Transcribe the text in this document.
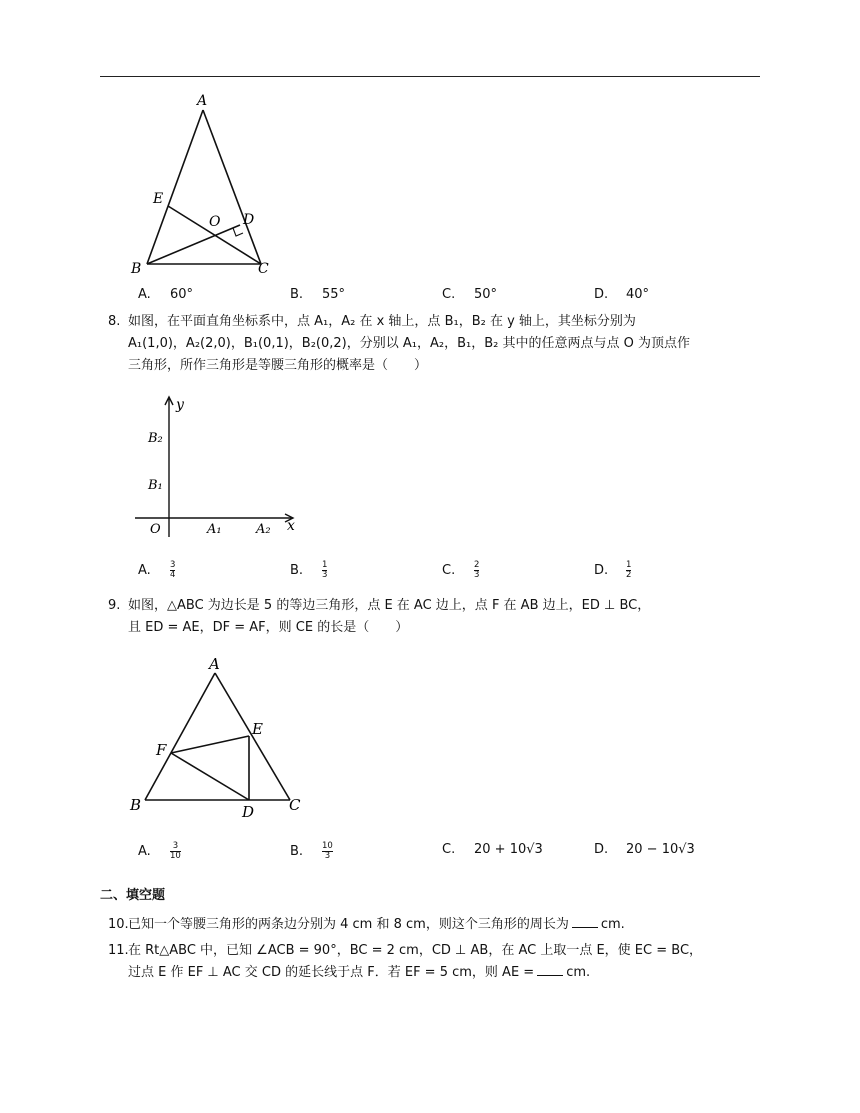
A
E
O D
B	C
A.	60°	B.	55°	C.	50°	D.	40°
8. 如图，在平面直角坐标系中，点 A₁，A₂ 在 x 轴上，点 B₁，B₂ 在 y 轴上，其坐标分别为
A₁(1,0)，A₂(2,0)，B₁(0,1)，B₂(0,2)，分别以 A₁，A₂，B₁，B₂ 其中的任意两点与点 O 为顶点作
三角形，所作三角形是等腰三角形的概率是（　　）
y
B₂
B₁
O	A₁	A₂ x
A.	$\frac{3}{4}$	B.	$\frac{1}{3}$	C.	$\frac{2}{3}$	D.	$\frac{1}{2}$
9. 如图，△ABC 为边长是 5 的等边三角形，点 E 在 AC 边上，点 F 在 AB 边上，ED ⊥ BC，
且 ED = AE，DF = AF，则 CE 的长是（　　）
A
E
F
B	D C
A.	$\frac{3}{10}$	B.	$\frac{10}{3}$	C.	20 + 10√3	D.	20 − 10√3
二、填空题
10.已知一个等腰三角形的两条边分别为 4 cm 和 8 cm，则这个三角形的周长为 cm.
11.在 Rt△ABC 中，已知 ∠ACB = 90°，BC = 2 cm，CD ⊥ AB，在 AC 上取一点 E，使 EC = BC，
过点 E 作 EF ⊥ AC 交 CD 的延长线于点 F．若 EF = 5 cm，则 AE = cm.
